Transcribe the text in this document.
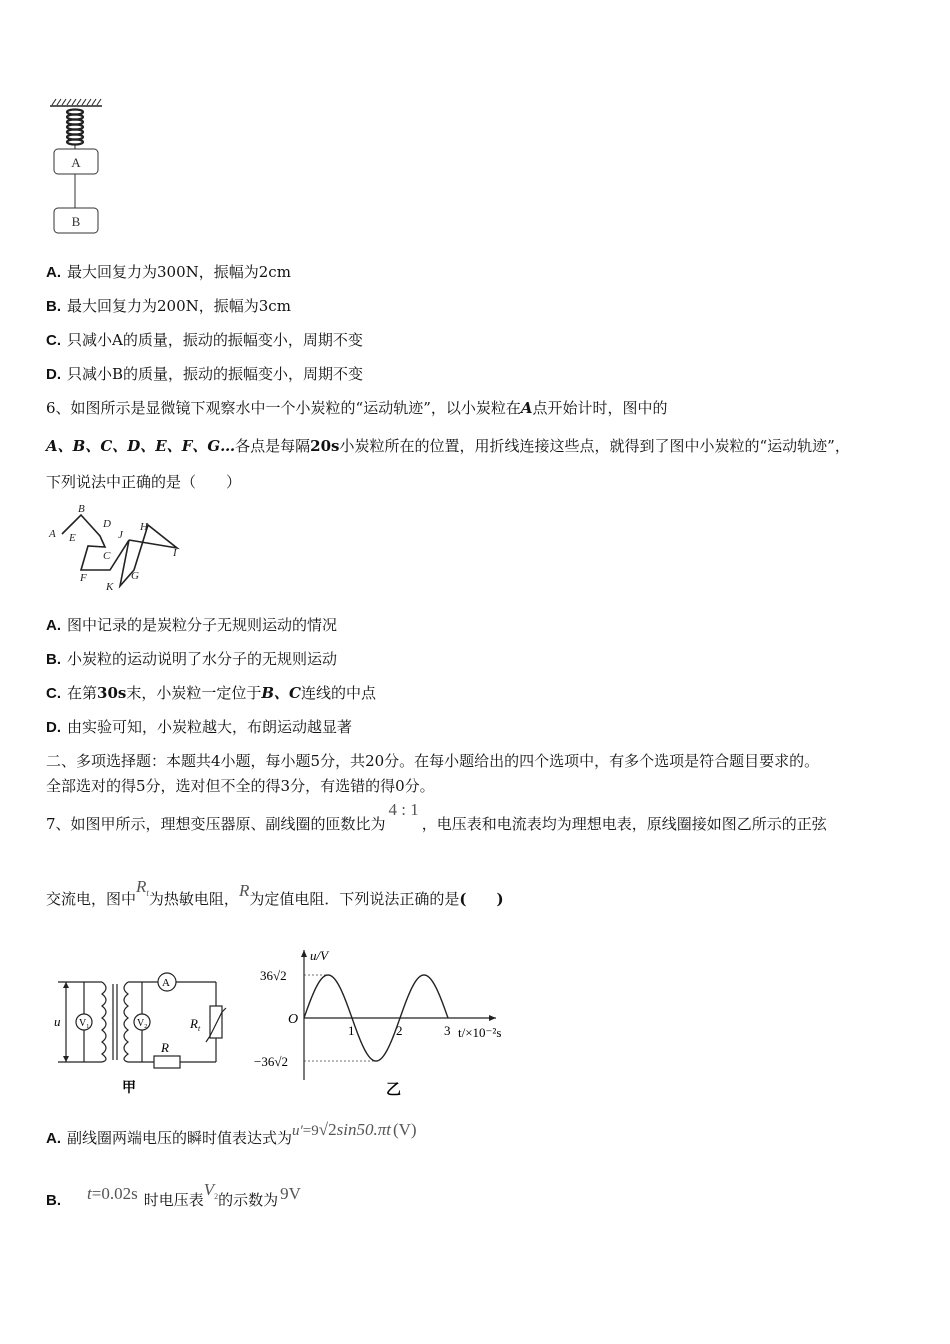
A
B
A. 最大回复力为300N，振幅为2cm
B. 最大回复力为200N，振幅为3cm
C. 只减小A的质量，振动的振幅变小，周期不变
D. 只减小B的质量，振动的振幅变小，周期不变
6、如图所示是显微镜下观察水中一个小炭粒的“运动轨迹”，以小炭粒在A点开始计时，图中的
A、B、C、D、E、F、G…各点是每隔20s小炭粒所在的位置，用折线连接这些点，就得到了图中小炭粒的“运动轨迹”，
下列说法中正确的是（　　）
A
B
C
D
E
F	G
H
I
J
K
A. 图中记录的是炭粒分子无规则运动的情况
B. 小炭粒的运动说明了水分子的无规则运动
C. 在第30s末，小炭粒一定位于B、C连线的中点
D. 由实验可知，小炭粒越大，布朗运动越显著
二、多项选择题：本题共4小题，每小题5分，共20分。在每小题给出的四个选项中，有多个选项是符合题目要求的。
全部选对的得5分，选对但不全的得3分，有选错的得0分。
7、如图甲所示，理想变压器原、副线圈的匝数比为4 : 1，电压表和电流表均为理想电表，原线圈接如图乙所示的正弦
交流电，图中$R_t$为热敏电阻，R为定值电阻．下列说法正确的是(　　)
u $V_1$	$V_2$
A
$R_t$
R
甲
u/V
36√2
−36√2
O
1	2	3 t/×10⁻²s
乙
A. 副线圈两端电压的瞬时值表达式为u′=9√2sin50.πt (V)
B. t=0.02s 时电压表$V_2$的示数为 9V
